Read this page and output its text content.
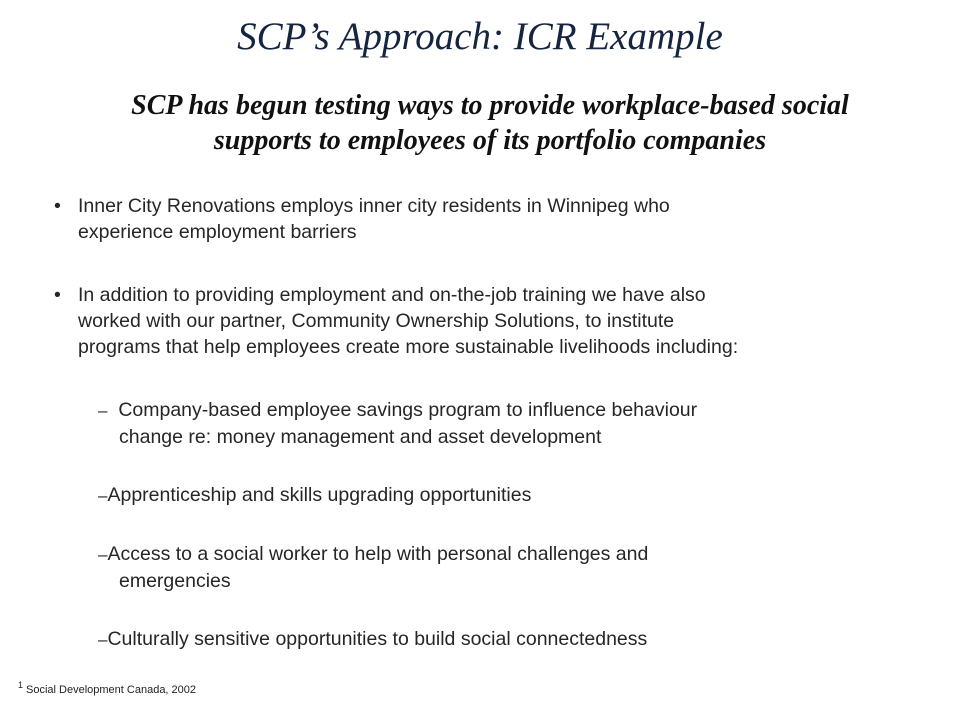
SCP’s Approach: ICR Example
SCP has begun testing ways to provide workplace-based social
supports to employees of its portfolio companies
• Inner City Renovations employs inner city residents in Winnipeg who
experience employment barriers
• In addition to providing employment and on-the-job training we have also
worked with our partner, Community Ownership Solutions, to institute
programs that help employees create more sustainable livelihoods including:
– Company-based employee savings program to influence behaviour
change re: money management and asset development
–Apprenticeship and skills upgrading opportunities
–Access to a social worker to help with personal challenges and
emergencies
–Culturally sensitive opportunities to build social connectedness
$^1$ Social Development Canada, 2002
